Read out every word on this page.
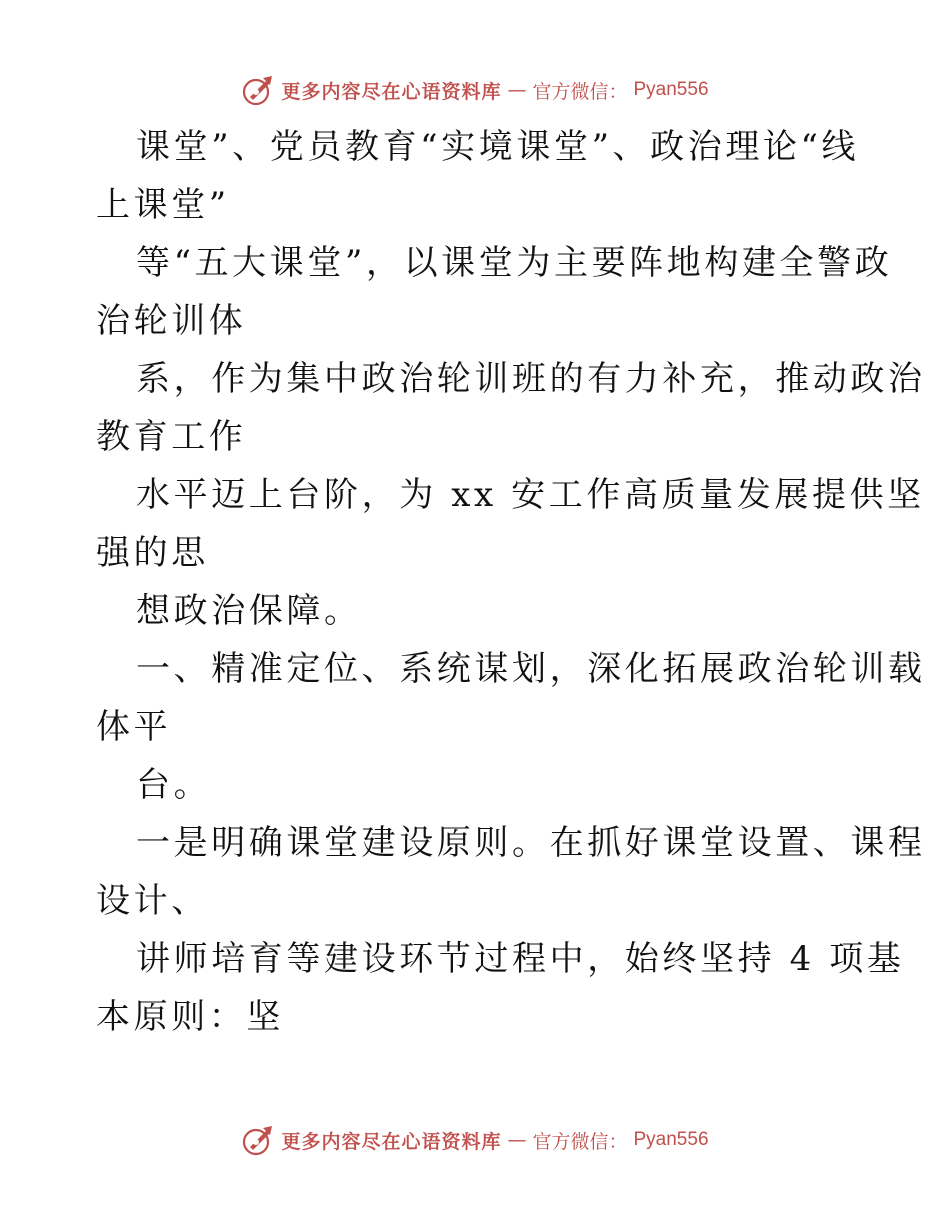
更多内容尽在心语资料库 — 官方微信： Pyan556
课堂”、党员教育“实境课堂”、政治理论“线
上课堂”
等“五大课堂”，以课堂为主要阵地构建全警政
治轮训体
系，作为集中政治轮训班的有力补充，推动政治
教育工作
水平迈上台阶，为 xx 安工作高质量发展提供坚
强的思
想政治保障。
一、精准定位、系统谋划，深化拓展政治轮训载
体平
台。
一是明确课堂建设原则。在抓好课堂设置、课程
设计、
讲师培育等建设环节过程中，始终坚持 4 项基
本原则：坚
更多内容尽在心语资料库 — 官方微信： Pyan556
